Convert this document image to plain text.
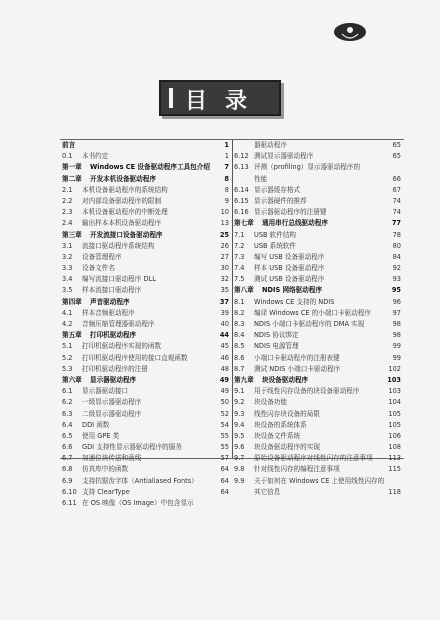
目 录
前言	1
0.1 本书约定	1
第一章 Windows CE 设备驱动程序工具包介绍 7
第二章 开发本机设备驱动程序	8
2.1 本机设备驱动程序的系统结构	8
2.2 对内部设备驱动程序的限制	9
2.3 本机设备驱动程序的中断处理	10
2.4 输出样本本机设备驱动程序	13
第三章 开发流接口设备驱动程序	25
3.1 流接口驱动程序系统结构	26
3.2 设备管理程序	27
3.3 设备文件名	30
3.4 编写流接口驱动程序 DLL	32
3.5 样本流接口驱动程序	35
第四章 声音驱动程序	37
4.1 样本音频驱动程序	39
4.2 音频压缩管理器驱动程序	40
第五章 打印机驱动程序	44
5.1 打印机驱动程序实现的函数	45
5.2 打印机驱动程序使用的接口直观函数	46
5.3 打印机驱动程序的注册	48
第六章 显示器驱动程序	49
6.1 显示器驱动接口	49
6.2 一级显示器驱动程序	50
6.3 二级显示器驱动程序	52
6.4 DDI 函数	54
6.5 使用 GPE 类	55
6.6 GDI 支持性显示器驱动程序的服务	55
6.7 加速位块传送和画线	57
6.8 仿真库中的函数	64
6.9 支持抗锯齿字体（Antialiased Fonts）	64
6.10 支持 ClearType	64
6.11 在 OS 映像（OS Image）中包含显示
器驱动程序	65
6.12 测试显示器驱动程序	65
6.13 评测（profiling）显示器驱动程序的
性能	66
6.14 显示器缓存格式	67
6.15 显示器硬件的推荐	74
6.16 显示器驱动程序的注册键	74
第七章 通用串行总线驱动程序	77
7.1 USB 软件结构	78
7.2 USB 系统软件	80
7.3 编写 USB 设备驱动程序	84
7.4 样本 USB 设备驱动程序	92
7.5 测试 USB 设备驱动程序	93
第八章 NDIS 网络驱动程序	95
8.1 Windows CE 支持的 NDIS	96
8.2 编译 Windows CE 的小端口卡驱动程序	97
8.3 NDIS 小端口卡驱动程序的 DMA 实现	98
8.4 NDIS 协议绑定	98
8.5 NDIS 电源管理	99
8.6 小端口卡驱动程序的注册表键	99
8.7 测试 NDIS 小端口卡驱动程序	102
第九章 块设备驱动程序	103
9.1 用于线性闪存设备的块设备驱动程序	103
9.2 块设备功能	104
9.3 线性闪存块设备的局限	105
9.4 块设备的系统体系	105
9.5 块设备文件系统	106
9.6 块设备驱动程序的实现	108
9.7 原始设备驱动程序对线性闪存的注意事项 113
9.8 针对线性闪存的编程注意事项	115
9.9 关于如何在 Windows CE 上使用线性闪存的
其它信息	118
